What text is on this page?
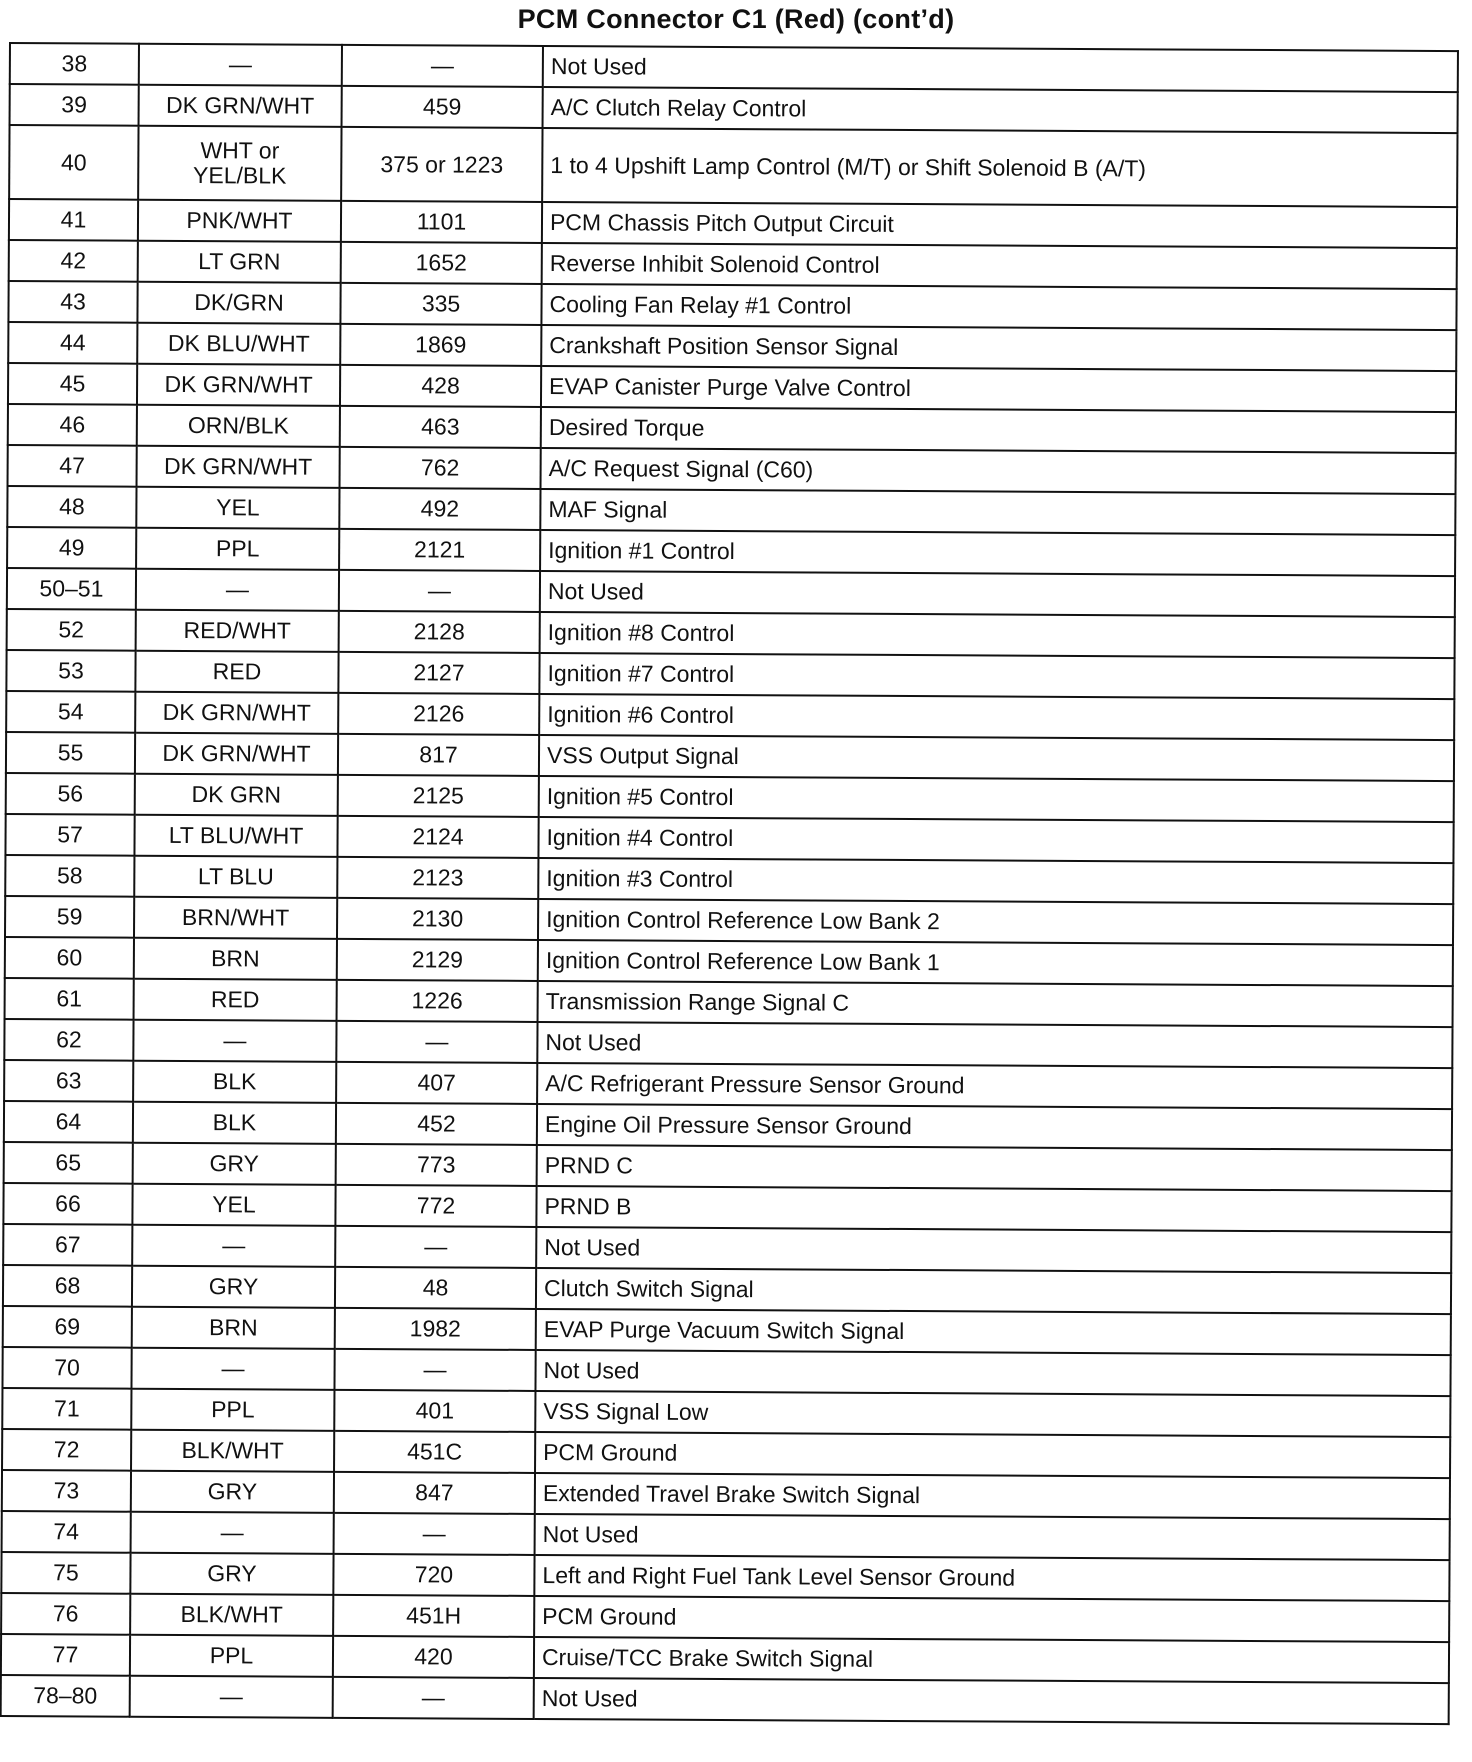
PCM Connector C1 (Red) (cont’d)
38	—	—	Not Used
39	DK GRN/WHT	459	A/C Clutch Relay Control
40	WHT or
YEL/BLK	375 or 1223	1 to 4 Upshift Lamp Control (M/T) or Shift Solenoid B (A/T)
41	PNK/WHT	1101	PCM Chassis Pitch Output Circuit
42	LT GRN	1652	Reverse Inhibit Solenoid Control
43	DK/GRN	335	Cooling Fan Relay #1 Control
44	DK BLU/WHT	1869	Crankshaft Position Sensor Signal
45	DK GRN/WHT	428	EVAP Canister Purge Valve Control
46	ORN/BLK	463	Desired Torque
47	DK GRN/WHT	762	A/C Request Signal (C60)
48	YEL	492	MAF Signal
49	PPL	2121	Ignition #1 Control
50–51	—	—	Not Used
52	RED/WHT	2128	Ignition #8 Control
53	RED	2127	Ignition #7 Control
54	DK GRN/WHT	2126	Ignition #6 Control
55	DK GRN/WHT	817	VSS Output Signal
56	DK GRN	2125	Ignition #5 Control
57	LT BLU/WHT	2124	Ignition #4 Control
58	LT BLU	2123	Ignition #3 Control
59	BRN/WHT	2130	Ignition Control Reference Low Bank 2
60	BRN	2129	Ignition Control Reference Low Bank 1
61	RED	1226	Transmission Range Signal C
62	—	—	Not Used
63	BLK	407	A/C Refrigerant Pressure Sensor Ground
64	BLK	452	Engine Oil Pressure Sensor Ground
65	GRY	773	PRND C
66	YEL	772	PRND B
67	—	—	Not Used
68	GRY	48	Clutch Switch Signal
69	BRN	1982	EVAP Purge Vacuum Switch Signal
70	—	—	Not Used
71	PPL	401	VSS Signal Low
72	BLK/WHT	451C	PCM Ground
73	GRY	847	Extended Travel Brake Switch Signal
74	—	—	Not Used
75	GRY	720	Left and Right Fuel Tank Level Sensor Ground
76	BLK/WHT	451H	PCM Ground
77	PPL	420	Cruise/TCC Brake Switch Signal
78–80	—	—	Not Used
